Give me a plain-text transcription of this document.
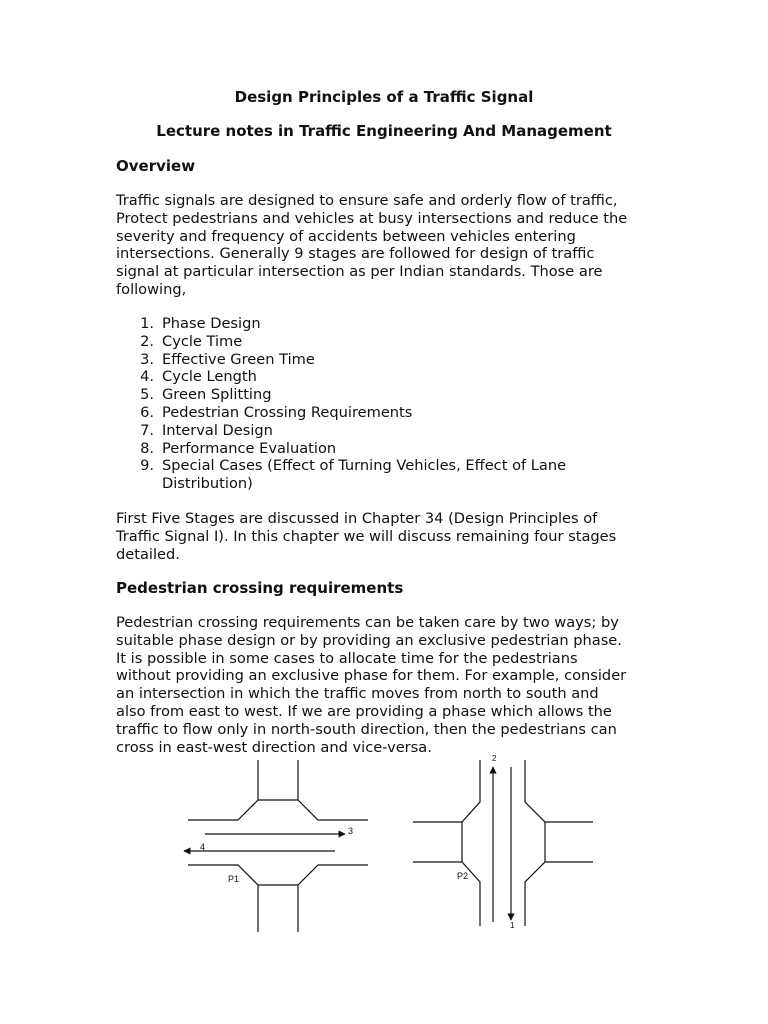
Design Principles of a Traffic Signal

Lecture notes in Traffic Engineering And Management

Overview

Traffic signals are designed to ensure safe and orderly flow of traffic,
Protect pedestrians and vehicles at busy intersections and reduce the
severity and frequency of accidents between vehicles entering
intersections. Generally 9 stages are followed for design of traffic
signal at particular intersection as per Indian standards. Those are
following,
1. Phase Design
2. Cycle Time
3. Effective Green Time
4. Cycle Length
5. Green Splitting
6. Pedestrian Crossing Requirements
7. Interval Design
8. Performance Evaluation
9. Special Cases (Effect of Turning Vehicles, Effect of Lane Distribution)
First Five Stages are discussed in Chapter 34 (Design Principles of
Traffic Signal I). In this chapter we will discuss remaining four stages
detailed.

Pedestrian crossing requirements

Pedestrian crossing requirements can be taken care by two ways; by
suitable phase design or by providing an exclusive pedestrian phase.
It is possible in some cases to allocate time for the pedestrians
without providing an exclusive phase for them. For example, consider
an intersection in which the traffic moves from north to south and
also from east to west. If we are providing a phase which allows the
traffic to flow only in north-south direction, then the pedestrians can
cross in east-west direction and vice-versa.
3
4
P1
2
1
P2
